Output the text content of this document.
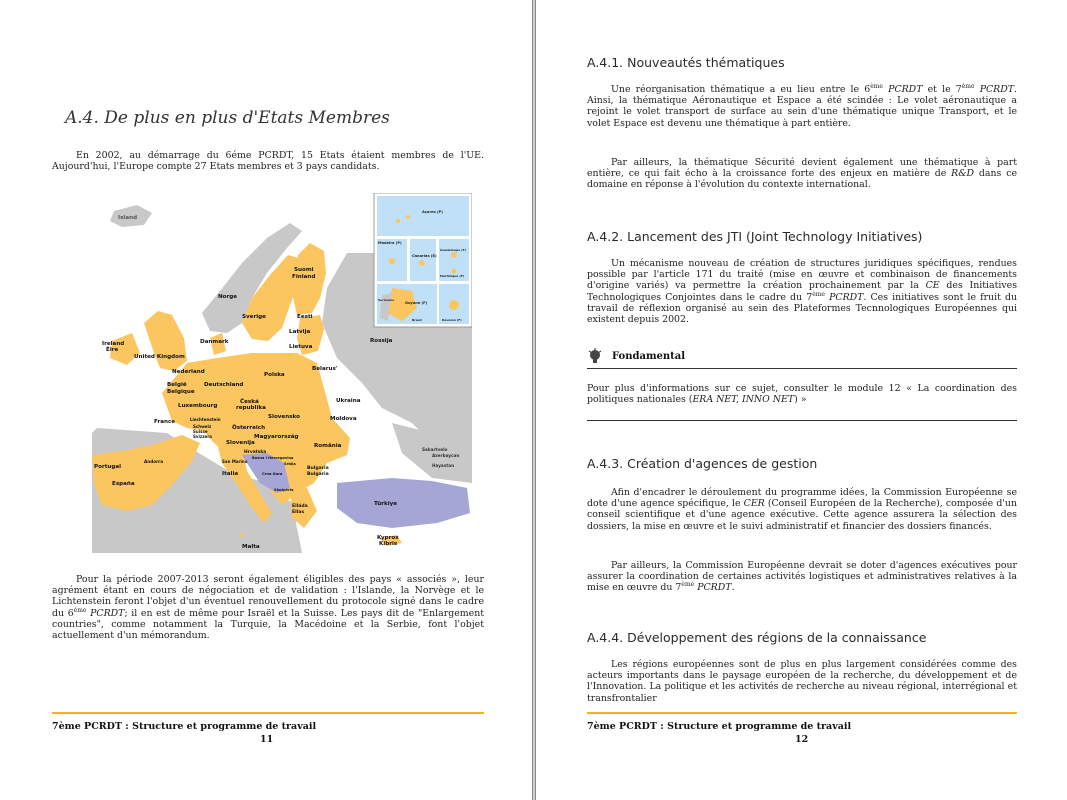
A.4. De plus en plus d'Etats Membres

En 2002, au démarrage du 6éme PCRDT, 15 Etats étaient membres de l'UE. Aujourd'hui, l'Europe compte 27 Etats membres et 3 pays candidats.

Island
Suomi
Finland
Norge
Sverige	Eesti
Latvija
Lietuva
Rossija
Danmark
Ireland
Éire
United Kingdom
Nederland	Belarus'
Polska
Deutschland
België
Belgique
Luxembourg
Česká
republika
Ukraina
Slovensko	Moldova
France
Österreich
Liechtenstein
Schweiz
Suisse
Svizzera	Magyarország
Slovenija	România
Hrvatska
Bosna i Hercegovina
Srbija
Andorra
Italia
San Marino
Bulgaria
Bulgaria
Portugal
España
Crna Gora
Shqipëria
Elláda
Ellas
Sakartvelo
Azerbaycan
Hayastan
Türkiye
Malta
Kypros
Kibris
Açores (P)
Madeira (P)
Canarias (E)
Guadeloupe (F)
Martinique (F)
Guyane (F)
Réunion (F)
Suriname
Brasil

Pour la période 2007-2013 seront également éligibles des pays « associés », leur agrément étant en cours de négociation et de validation : l'Islande, la Norvège et le Lichtenstein feront l'objet d'un éventuel renouvellement du protocole signé dans le cadre du $6^{éme}$ PCRDT; il en est de même pour Israël et la Suisse. Les pays dit de "Enlargement countries", comme notamment la Turquie, la Macédoine et la Serbie, font l'objet actuellement d'un mémorandum.

7ème PCRDT : Structure et programme de travail

11

A.4.1. Nouveautés thématiques

Une réorganisation thématique a eu lieu entre le 6ème PCRDT et le 7ème PCRDT. Ainsi, la thématique Aéronautique et Espace a été scindée : Le volet aéronautique a rejoint le volet transport de surface au sein d'une thématique unique Transport, et le volet Espace est devenu une thématique à part entière.

Par ailleurs, la thématique Sécurité devient également une thématique à part entière, ce qui fait écho à la croissance forte des enjeux en matière de R&D dans ce domaine en réponse à l'évolution du contexte international.

A.4.2. Lancement des JTI (Joint Technology Initiatives)

Un mécanisme nouveau de création de structures juridiques spécifiques, rendues possible par l'article 171 du traité (mise en œuvre et combinaison de financements d'origine variés) va permettre la création prochainement par la CE des Initiatives Technologiques Conjointes dans le cadre du 7ème PCRDT. Ces initiatives sont le fruit du travail de réflexion organisé au sein des Plateformes Tecnnologiques Européennes qui existent depuis 2002.

Fondamental

Pour plus d'informations sur ce sujet, consulter le module 12 « La coordination des politiques nationales (ERA NET, INNO NET) »

A.4.3. Création d'agences de gestion

Afin d'encadrer le déroulement du programme idées, la Commission Européenne se dote d'une agence spécifique, le CER (Conseil Européen de la Recherche), composée d'un conseil scientifique et d'une agence exécutive. Cette agence assurera la sélection des dossiers, la mise en œuvre et le suivi administratif et financier des dossiers financés.

Par ailleurs, la Commission Européenne devrait se doter d'agences exécutives pour assurer la coordination de certaines activités logistiques et administratives relatives à la mise en œuvre du 7ème PCRDT.

A.4.4. Développement des régions de la connaissance

Les régions européennes sont de plus en plus largement considérées comme des acteurs importants dans le paysage européen de la recherche, du développement et de l'Innovation. La politique et les activités de recherche au niveau régional, interrégional et transfrontalier

7ème PCRDT : Structure et programme de travail

12
